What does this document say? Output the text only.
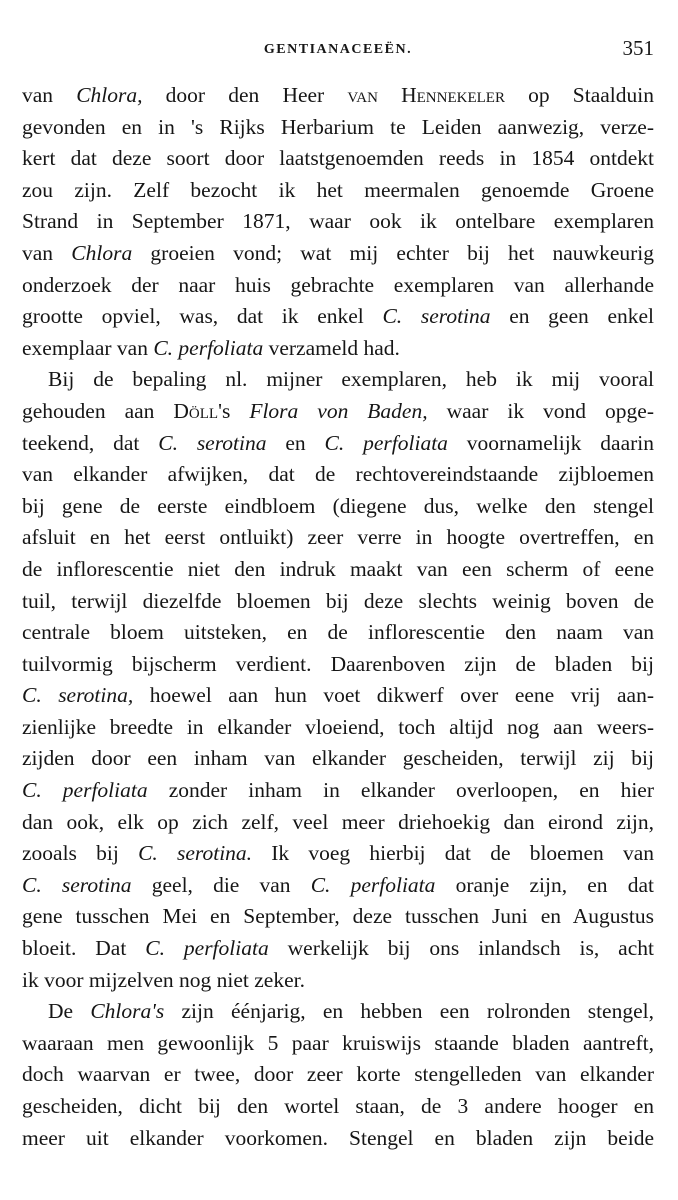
GENTIANACEEËN.	351
van Chlora, door den Heer van Hennekeler op Staalduin
gevonden en in 's Rijks Herbarium te Leiden aanwezig, verze-
kert dat deze soort door laatstgenoemden reeds in 1854 ontdekt
zou zijn. Zelf bezocht ik het meermalen genoemde Groene
Strand in September 1871, waar ook ik ontelbare exemplaren
van Chlora groeien vond; wat mij echter bij het nauwkeurig
onderzoek der naar huis gebrachte exemplaren van allerhande
grootte opviel, was, dat ik enkel C. serotina en geen enkel
exemplaar van C. perfoliata verzameld had.
Bij de bepaling nl. mijner exemplaren, heb ik mij vooral
gehouden aan Döll's Flora von Baden, waar ik vond opge-
teekend, dat C. serotina en C. perfoliata voornamelijk daarin
van elkander afwijken, dat de rechtovereindstaande zijbloemen
bij gene de eerste eindbloem (diegene dus, welke den stengel
afsluit en het eerst ontluikt) zeer verre in hoogte overtreffen, en
de inflorescentie niet den indruk maakt van een scherm of eene
tuil, terwijl diezelfde bloemen bij deze slechts weinig boven de
centrale bloem uitsteken, en de inflorescentie den naam van
tuilvormig bijscherm verdient. Daarenboven zijn de bladen bij
C. serotina, hoewel aan hun voet dikwerf over eene vrij aan-
zienlijke breedte in elkander vloeiend, toch altijd nog aan weers-
zijden door een inham van elkander gescheiden, terwijl zij bij
C. perfoliata zonder inham in elkander overloopen, en hier
dan ook, elk op zich zelf, veel meer driehoekig dan eirond zijn,
zooals bij C. serotina. Ik voeg hierbij dat de bloemen van
C. serotina geel, die van C. perfoliata oranje zijn, en dat
gene tusschen Mei en September, deze tusschen Juni en Augustus
bloeit. Dat C. perfoliata werkelijk bij ons inlandsch is, acht
ik voor mijzelven nog niet zeker.
De Chlora's zijn éénjarig, en hebben een rolronden stengel,
waaraan men gewoonlijk 5 paar kruiswijs staande bladen aantreft,
doch waarvan er twee, door zeer korte stengelleden van elkander
gescheiden, dicht bij den wortel staan, de 3 andere hooger en
meer uit elkander voorkomen. Stengel en bladen zijn beide
